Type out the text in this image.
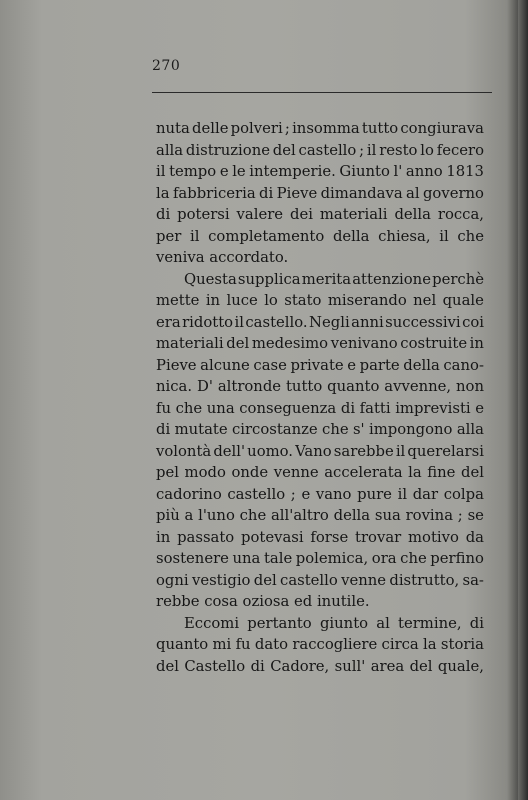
270
nuta delle polveri ; insomma tutto congiurava
alla distruzione del castello ; il resto lo fecero
il tempo e le intemperie. Giunto l' anno 1813
la fabbriceria di Pieve dimandava al governo
di potersi valere dei materiali della rocca,
per il completamento della chiesa, il che
veniva accordato.
Questa supplica merita attenzione perchè
mette in luce lo stato miserando nel quale
era ridotto il castello. Negli anni successivi coi
materiali del medesimo venivano costruite in
Pieve alcune case private e parte della cano-
nica. D' altronde tutto quanto avvenne, non
fu che una conseguenza di fatti imprevisti e
di mutate circostanze che s' impongono alla
volontà dell' uomo. Vano sarebbe il querelarsi
pel modo onde venne accelerata la fine del
cadorino castello ; e vano pure il dar colpa
più a l'uno che all'altro della sua rovina ; se
in passato potevasi forse trovar motivo da
sostenere una tale polemica, ora che perfino
ogni vestigio del castello venne distrutto, sa-
rebbe cosa oziosa ed inutile.
Eccomi pertanto giunto al termine, di
quanto mi fu dato raccogliere circa la storia
del Castello di Cadore, sull' area del quale,
